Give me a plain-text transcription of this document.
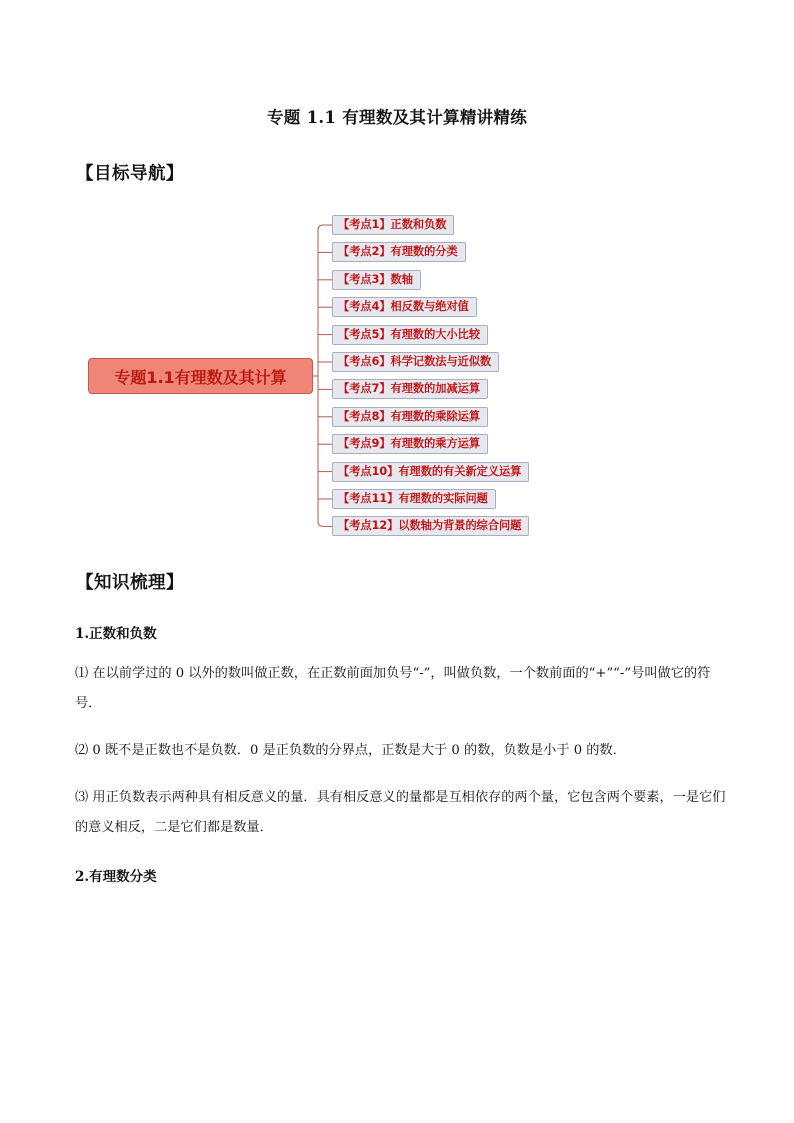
专题 1.1 有理数及其计算精讲精练
【目标导航】
专题1.1有理数及其计算
【考点1】正数和负数
【考点2】有理数的分类
【考点3】数轴
【考点4】相反数与绝对值
【考点5】有理数的大小比较
【考点6】科学记数法与近似数
【考点7】有理数的加减运算
【考点8】有理数的乘除运算
【考点9】有理数的乘方运算
【考点10】有理数的有关新定义运算
【考点11】有理数的实际问题
【考点12】以数轴为背景的综合问题
【知识梳理】
1.正数和负数
⑴ 在以前学过的 0 以外的数叫做正数，在正数前面加负号“-”，叫做负数，一个数前面的“+”“-”号叫做它的符号．
⑵ 0 既不是正数也不是负数．0 是正负数的分界点，正数是大于 0 的数，负数是小于 0 的数．
⑶ 用正负数表示两种具有相反意义的量．具有相反意义的量都是互相依存的两个量，它包含两个要素，一是它们的意义相反，二是它们都是数量．
2.有理数分类
